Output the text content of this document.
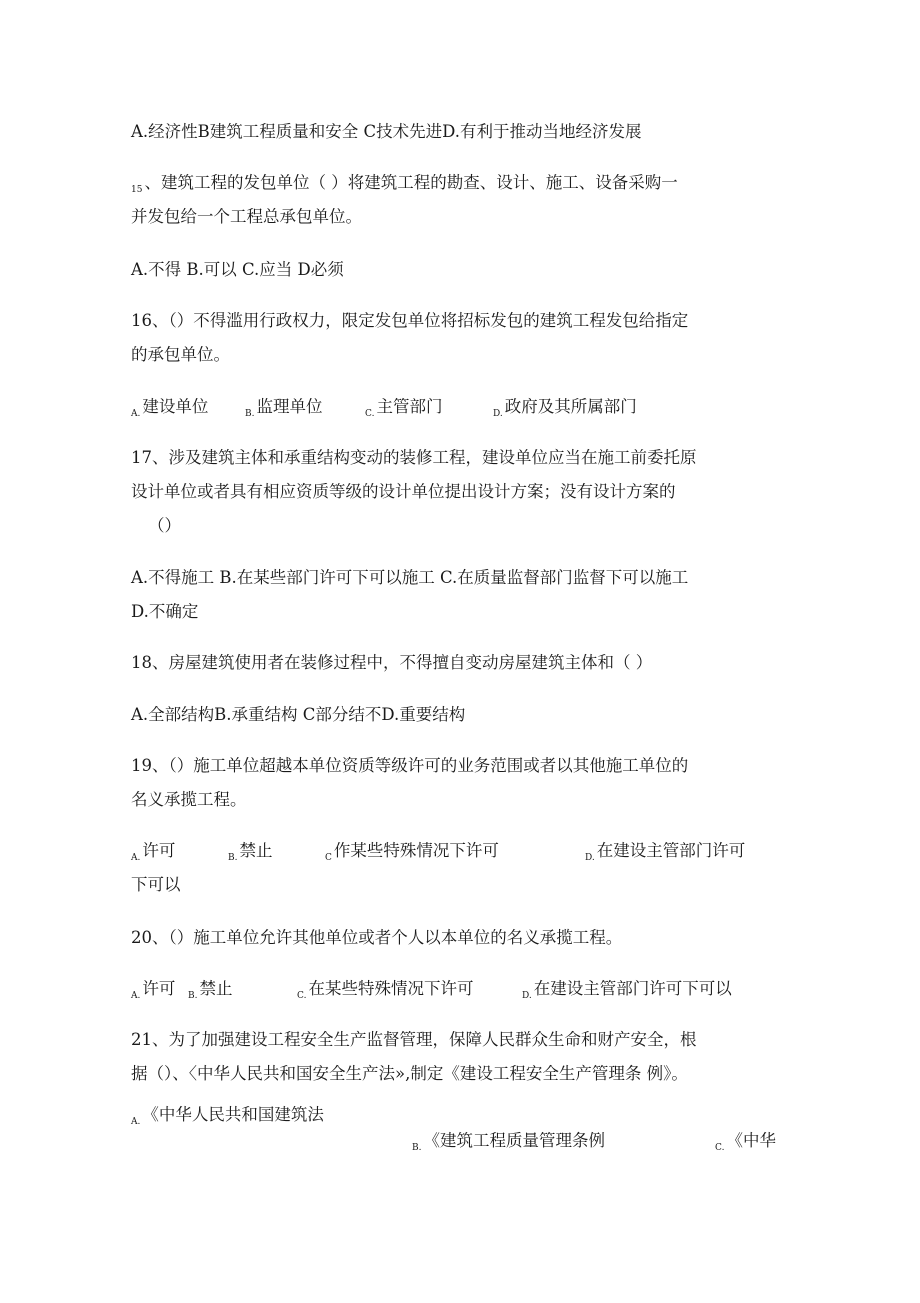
A.经济性B建筑工程质量和安全 C技术先进D.有利于推动当地经济发展
$_{15}$ 、建筑工程的发包单位（ ）将建筑工程的勘查、设计、施工、设备采购一
并发包给一个工程总承包单位。
A.不得 B.可以 C.应当 D必须
16、（）不得滥用行政权力，限定发包单位将招标发包的建筑工程发包给指定
的承包单位。
$_{A.}$ 建设单位	$_{B.}$ 监理单位	$_{C.}$ 主管部门	$_{D.}$ 政府及其所属部门
17、涉及建筑主体和承重结构变动的装修工程，建设单位应当在施工前委托原
设计单位或者具有相应资质等级的设计单位提出设计方案；没有设计方案的
（）
A.不得施工 B.在某些部门许可下可以施工 C.在质量监督部门监督下可以施工
D.不确定
18、房屋建筑使用者在装修过程中，不得擅自变动房屋建筑主体和（ ）
A.全部结构B.承重结构 C部分结不D.重要结构
19、（）施工单位超越本单位资质等级许可的业务范围或者以其他施工单位的
名义承揽工程。
$_{A.}$ 许可	$_{B.}$ 禁止	$_C$ 作某些特殊情况下许可	$_{D.}$ 在建设主管部门许可
下可以
20、（）施工单位允许其他单位或者个人以本单位的名义承揽工程。
$_{A.}$ 许可 $_{B.}$ 禁止	$_{C.}$ 在某些特殊情况下许可	$_{D.}$ 在建设主管部门许可下可以
21、为了加强建设工程安全生产监督管理，保障人民群众生命和财产安全，根
据（）、〈中华人民共和国安全生产法»,制定《建设工程安全生产管理条 例》。
$_{A.}$ 《中华人民共和国建筑法
$_{B.}$ 《建筑工程质量管理条例	$_{C.}$ 《中华
